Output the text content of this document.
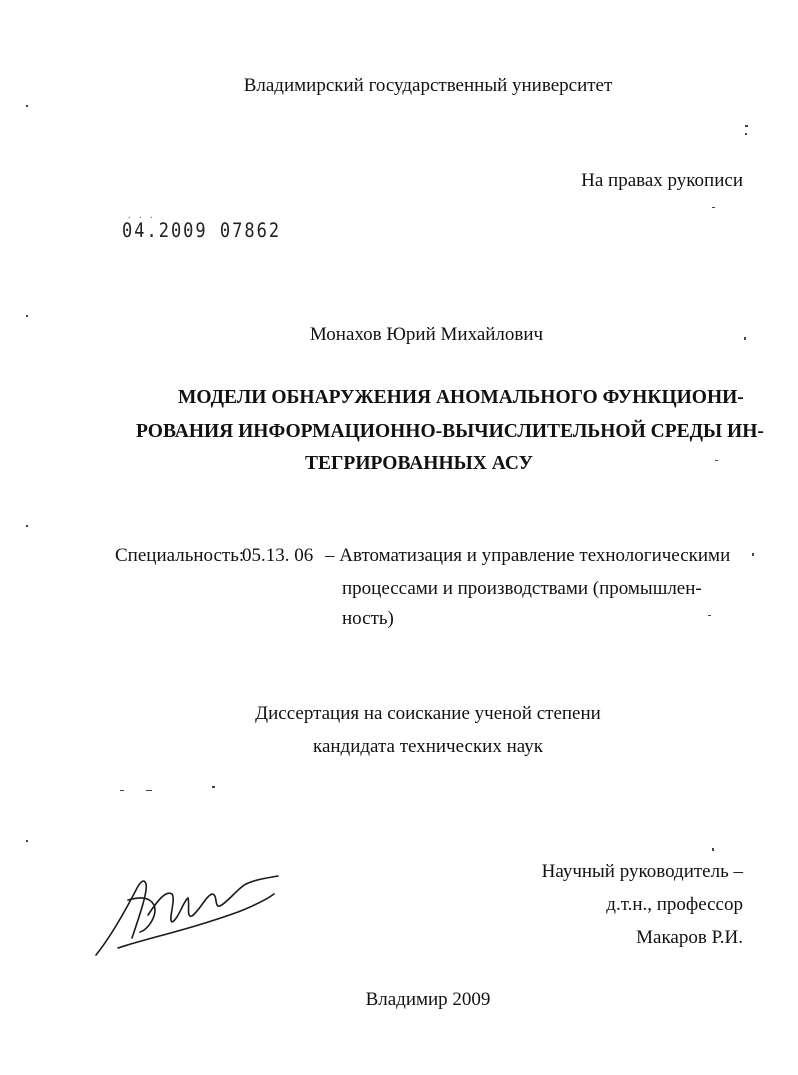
Владимирский государственный университет
На правах рукописи
. . .
04.2009 07862
Монахов Юрий Михайлович
МОДЕЛИ ОБНАРУЖЕНИЯ АНОМАЛЬНОГО ФУНКЦИОНИ-
РОВАНИЯ ИНФОРМАЦИОННО-ВЫЧИСЛИТЕЛЬНОЙ СРЕДЫ ИН-
ТЕГРИРОВАННЫХ АСУ
Специальность:
05.13. 06 – Автоматизация и управление технологическими
процессами и производствами (промышлен-
ность)
Диссертация на соискание ученой степени
кандидата технических наук
Научный руководитель –
д.т.н., профессор
Макаров Р.И.
Владимир 2009
